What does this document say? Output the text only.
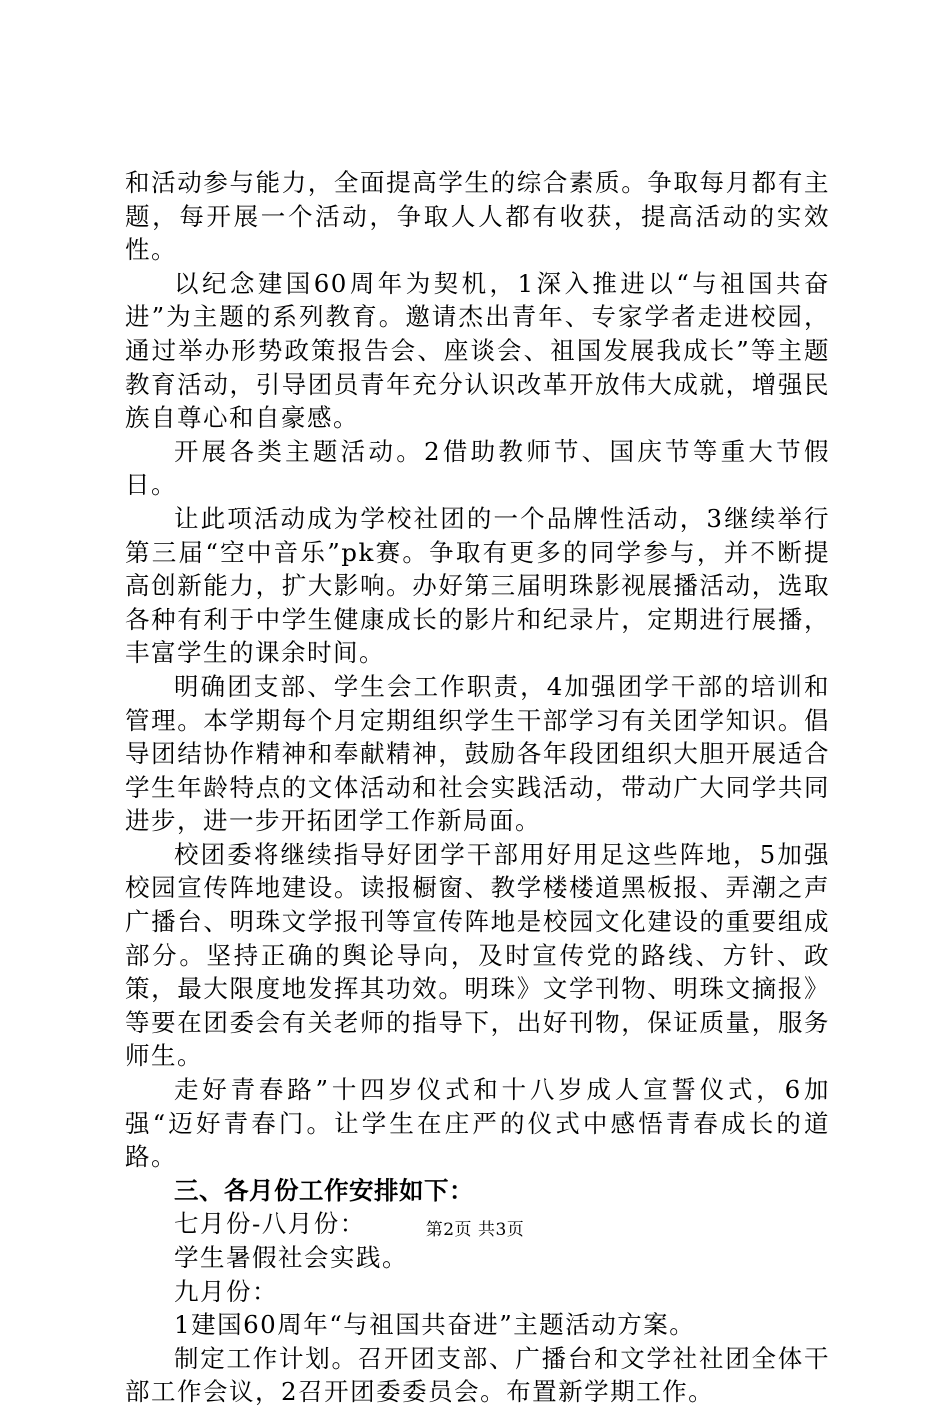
和活动参与能力，全面提高学生的综合素质。争取每月都有主题，每开展一个活动，争取人人都有收获，提高活动的实效性。

以纪念建国60周年为契机，1深入推进以“与祖国共奋进”为主题的系列教育。邀请杰出青年、专家学者走进校园，通过举办形势政策报告会、座谈会、祖国发展我成长”等主题教育活动，引导团员青年充分认识改革开放伟大成就，增强民族自尊心和自豪感。

开展各类主题活动。2借助教师节、国庆节等重大节假日。

让此项活动成为学校社团的一个品牌性活动，3继续举行第三届“空中音乐”pk赛。争取有更多的同学参与，并不断提高创新能力，扩大影响。办好第三届明珠影视展播活动，选取各种有利于中学生健康成长的影片和纪录片，定期进行展播，丰富学生的课余时间。

明确团支部、学生会工作职责，4加强团学干部的培训和管理。本学期每个月定期组织学生干部学习有关团学知识。倡导团结协作精神和奉献精神，鼓励各年段团组织大胆开展适合学生年龄特点的文体活动和社会实践活动，带动广大同学共同进步，进一步开拓团学工作新局面。

校团委将继续指导好团学干部用好用足这些阵地，5加强校园宣传阵地建设。读报橱窗、教学楼楼道黑板报、弄潮之声广播台、明珠文学报刊等宣传阵地是校园文化建设的重要组成部分。坚持正确的舆论导向，及时宣传党的路线、方针、政策，最大限度地发挥其功效。明珠》文学刊物、明珠文摘报》等要在团委会有关老师的指导下，出好刊物，保证质量，服务师生。

走好青春路”十四岁仪式和十八岁成人宣誓仪式，6加强“迈好青春门。让学生在庄严的仪式中感悟青春成长的道路。

三、各月份工作安排如下：

七月份-八月份：

学生暑假社会实践。

九月份：

1建国60周年“与祖国共奋进”主题活动方案。

制定工作计划。召开团支部、广播台和文学社社团全体干部工作会议，2召开团委委员会。布置新学期工作。

第2页 共3页
